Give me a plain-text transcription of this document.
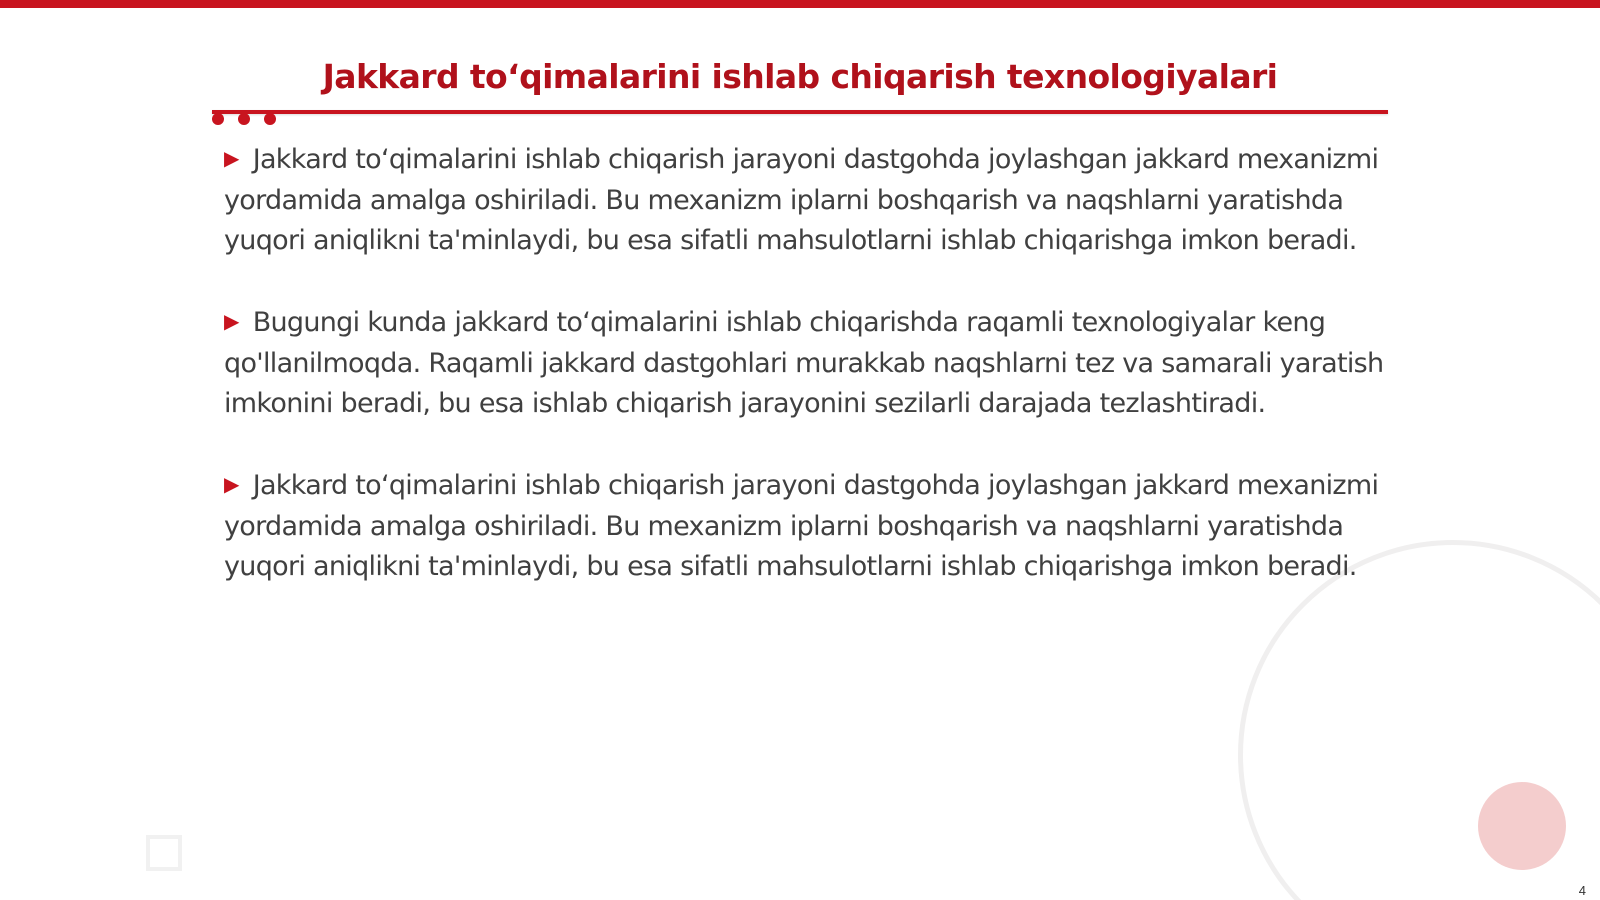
Jakkard to‘qimalarini ishlab chiqarish texnologiyalari

▶ Jakkard to‘qimalarini ishlab chiqarish jarayoni dastgohda joylashgan jakkard mexanizmi yordamida amalga oshiriladi. Bu mexanizm iplarni boshqarish va naqshlarni yaratishda yuqori aniqlikni ta'minlaydi, bu esa sifatli mahsulotlarni ishlab chiqarishga imkon beradi.

▶ Bugungi kunda jakkard to‘qimalarini ishlab chiqarishda raqamli texnologiyalar keng qo'llanilmoqda. Raqamli jakkard dastgohlari murakkab naqshlarni tez va samarali yaratish imkonini beradi, bu esa ishlab chiqarish jarayonini sezilarli darajada tezlashtiradi.

▶ Jakkard to‘qimalarini ishlab chiqarish jarayoni dastgohda joylashgan jakkard mexanizmi yordamida amalga oshiriladi. Bu mexanizm iplarni boshqarish va naqshlarni yaratishda yuqori aniqlikni ta'minlaydi, bu esa sifatli mahsulotlarni ishlab chiqarishga imkon beradi.

4
